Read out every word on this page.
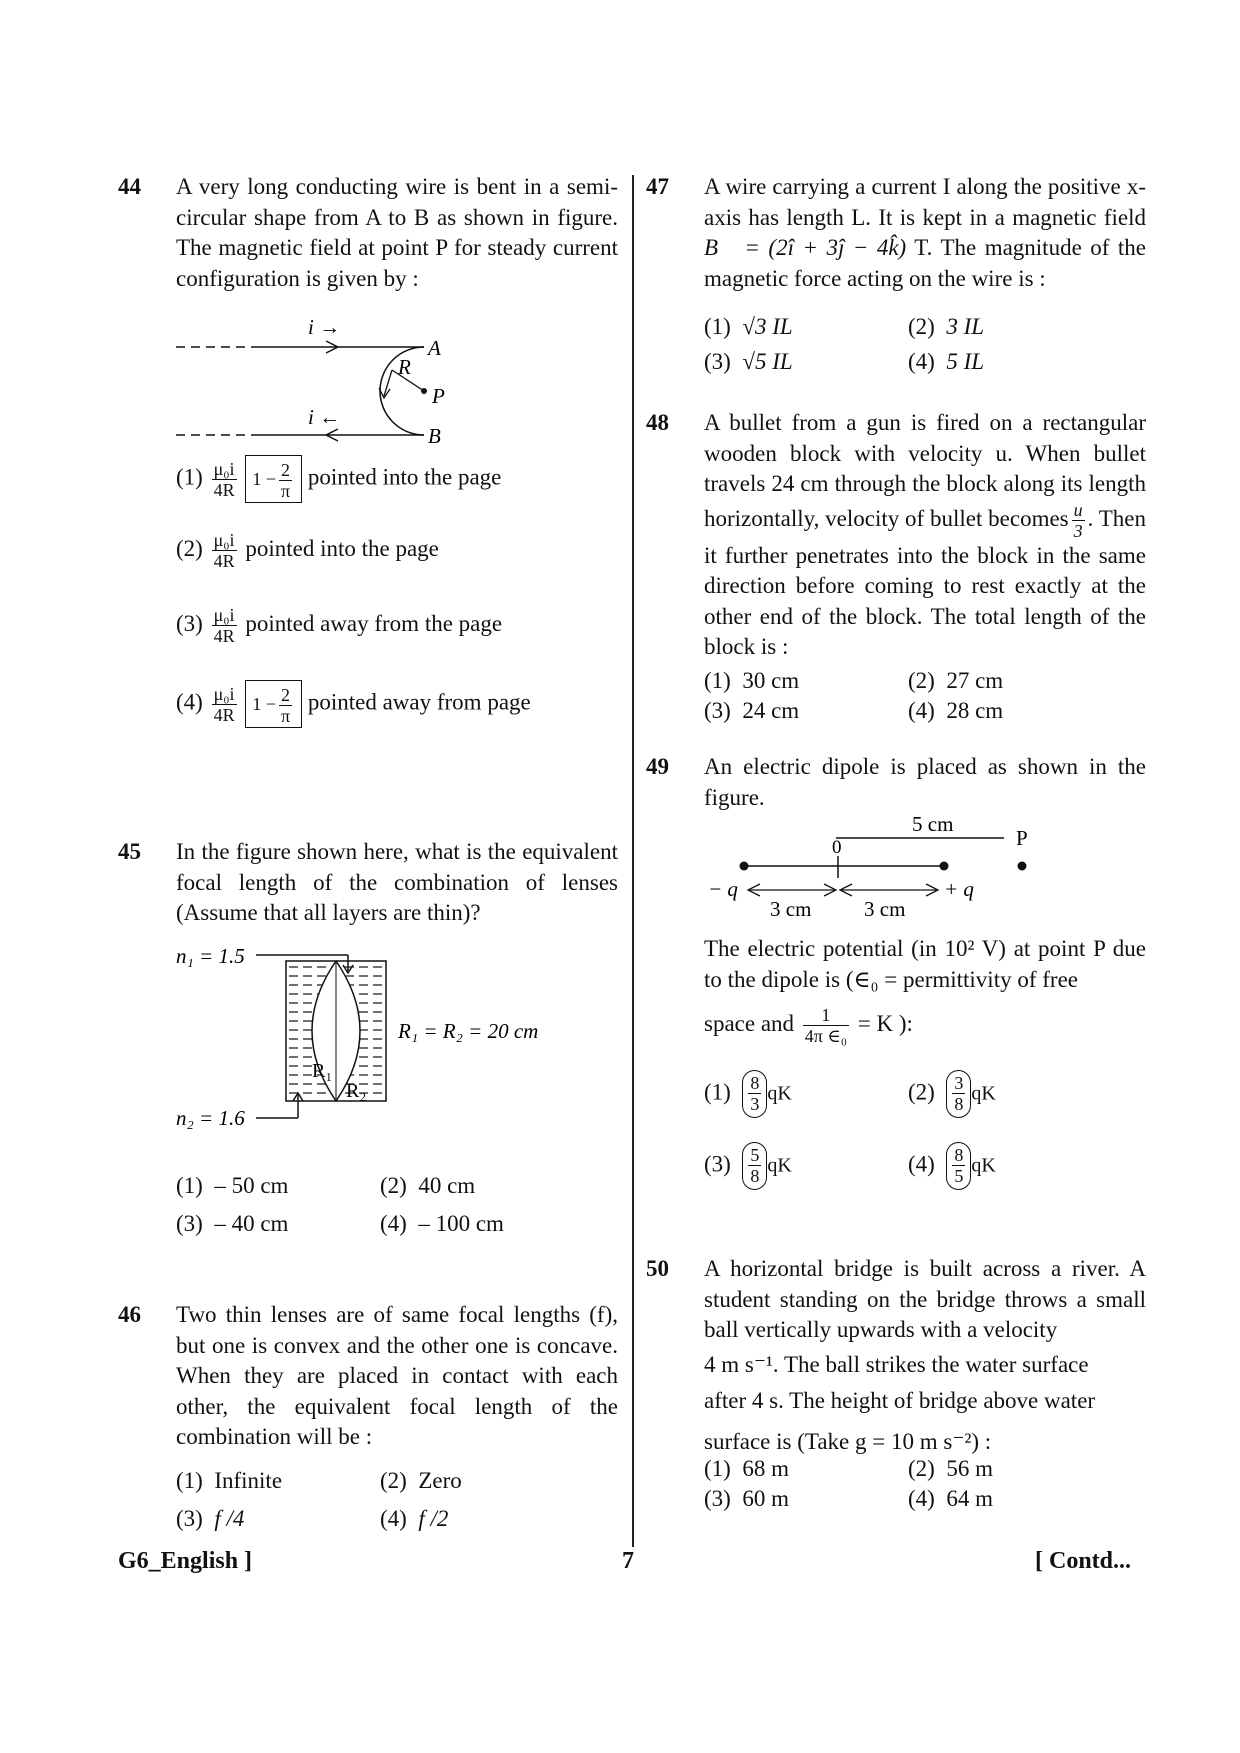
44 A very long conducting wire is bent in a semi-circular shape from A to B as shown in figure. The magnetic field at point P for steady current configuration is given by :
i →
i ←
A
B
R
P
$(1) \frac{\text{μ₀i}}{4R} 1 - \frac{2}{\pi}$ pointed into the page
$(2) \frac{\text{μ₀i}}{4R}$ pointed into the page
$(3) \frac{\text{μ₀i}}{4R}$ pointed away from the page
$(4) \frac{\text{μ₀i}}{4R} 1 - \frac{2}{\pi}$ pointed away from page
45 In the figure shown here, what is the equivalent focal length of the combination of lenses (Assume that all layers are thin)?
n₁ = 1.5
n₂ = 1.6
R₁ = R₂ = 20 cm
R₁
R₂
(1) – 50 cm	(2) 40 cm
(3) – 40 cm	(4) – 100 cm
46 Two thin lenses are of same focal lengths (f), but one is convex and the other one is concave. When they are placed in contact with each other, the equivalent focal length of the combination will be :
(1) Infinite	(2) Zero
(3) f /4	(4) f /2
47 A wire carrying a current I along the positive x-axis has length L. It is kept in a magnetic field B⃗ = (2î + 3ĵ − 4k̂) T. The magnitude of the magnetic force acting on the wire is :
(1) √3 IL	(2) 3 IL
(3) √5 IL	(4) 5 IL
48 A bullet from a gun is fired on a rectangular wooden block with velocity u. When bullet travels 24 cm through the block along its length horizontally, velocity of bullet becomes $\frac{u}{3}$ . Then it further penetrates into the block in the same direction before coming to rest exactly at the other end of the block. The total length of the block is :
(1) 30 cm	(2) 27 cm
(3) 24 cm	(4) 28 cm
49 An electric dipole is placed as shown in the figure.
5 cm
P
0
− q	+ q
3 cm	3 cm
The electric potential (in 10² V) at point P due to the dipole is (∈₀ = permittivity of free
space and $\frac{1}{\text{4π ∈₀}} = K$ ):
$(1) \frac{8}{3}$ qK	$(2) \frac{3}{8}$ qK
$(3) \frac{5}{8}$ qK	$(4) \frac{8}{5}$ qK
50 A horizontal bridge is built across a river. A student standing on the bridge throws a small ball vertically upwards with a velocity
4 m s⁻¹. The ball strikes the water surface
after 4 s. The height of bridge above water
surface is (Take g = 10 m s⁻²) :
(1) 68 m	(2) 56 m
(3) 60 m	(4) 64 m
G6_English ]	7	[ Contd...
